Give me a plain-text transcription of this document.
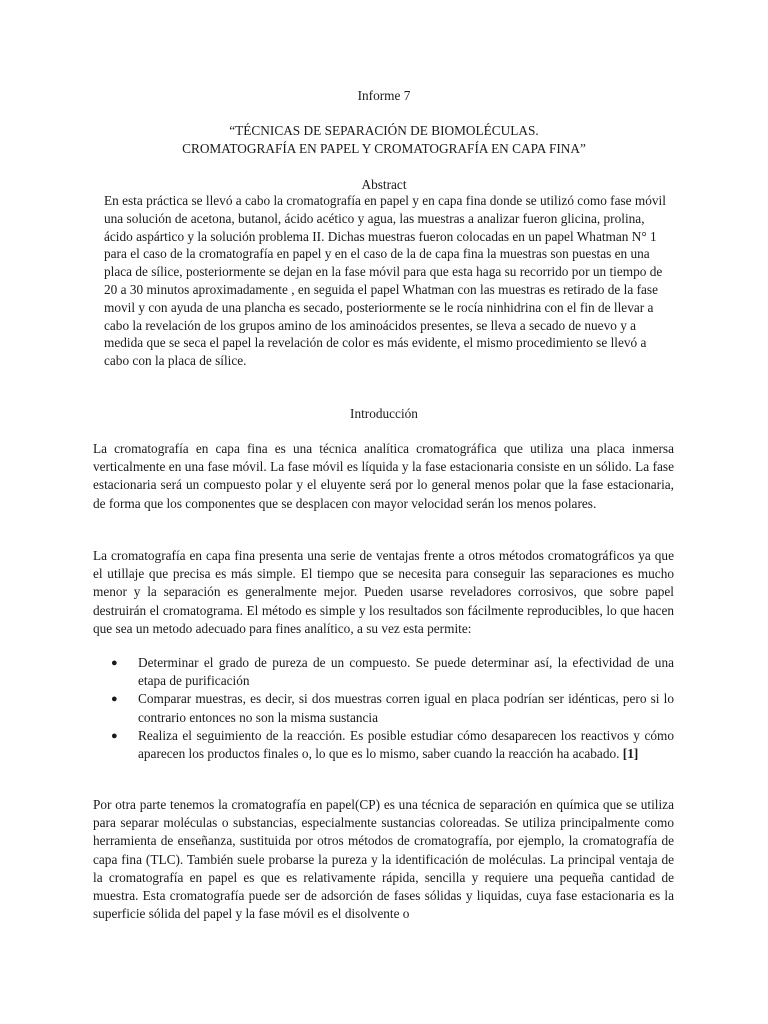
Informe 7
“TÉCNICAS DE SEPARACIÓN DE BIOMOLÉCULAS.
CROMATOGRAFÍA EN PAPEL Y CROMATOGRAFÍA EN CAPA FINA”
Abstract
En esta práctica se llevó a cabo la cromatografía en papel y en capa fina donde se utilizó como fase móvil una solución de acetona, butanol, ácido acético y agua, las muestras a analizar fueron glicina, prolina, ácido aspártico y la solución problema II. Dichas muestras fueron colocadas en un papel Whatman N° 1 para el caso de la cromatografía en papel y en el caso de la de capa fina la muestras son puestas en una placa de sílice, posteriormente se dejan en la fase móvil para que esta haga su recorrido por un tiempo de 20 a 30 minutos aproximadamente , en seguida el papel Whatman con las muestras es retirado de la fase movil y con ayuda de una plancha es secado, posteriormente se le rocía ninhidrina con el fin de llevar a cabo la revelación de los grupos amino de los aminoácidos presentes, se lleva a secado de nuevo y a medida que se seca el papel la revelación de color es más evidente, el mismo procedimiento se llevó a cabo con la placa de sílice.
Introducción
La cromatografía en capa fina es una técnica analítica cromatográfica que utiliza una placa inmersa verticalmente en una fase móvil. La fase móvil es líquida y la fase estacionaria consiste en un sólido. La fase estacionaria será un compuesto polar y el eluyente será por lo general menos polar que la fase estacionaria, de forma que los componentes que se desplacen con mayor velocidad serán los menos polares.
La cromatografía en capa fina presenta una serie de ventajas frente a otros métodos cromatográficos ya que el utillaje que precisa es más simple. El tiempo que se necesita para conseguir las separaciones es mucho menor y la separación es generalmente mejor. Pueden usarse reveladores corrosivos, que sobre papel destruirán el cromatograma. El método es simple y los resultados son fácilmente reproducibles, lo que hacen que sea un metodo adecuado para fines analítico, a su vez esta permite:
● Determinar el grado de pureza de un compuesto. Se puede determinar así, la efectividad de una etapa de purificación
● Comparar muestras, es decir, si dos muestras corren igual en placa podrían ser idénticas, pero si lo contrario entonces no son la misma sustancia
● Realiza el seguimiento de la reacción. Es posible estudiar cómo desaparecen los reactivos y cómo aparecen los productos finales o, lo que es lo mismo, saber cuando la reacción ha acabado. [1]
Por otra parte tenemos la cromatografía en papel(CP) es una técnica de separación en química que se utiliza para separar moléculas o substancias, especialmente sustancias coloreadas. Se utiliza principalmente como herramienta de enseñanza, sustituida por otros métodos de cromatografía, por ejemplo, la cromatografía de capa fina (TLC). También suele probarse la pureza y la identificación de moléculas. La principal ventaja de la cromatografía en papel es que es relativamente rápida, sencilla y requiere una pequeña cantidad de muestra. Esta cromatografía puede ser de adsorción de fases sólidas y liquidas, cuya fase estacionaria es la superficie sólida del papel y la fase móvil es el disolvente o
